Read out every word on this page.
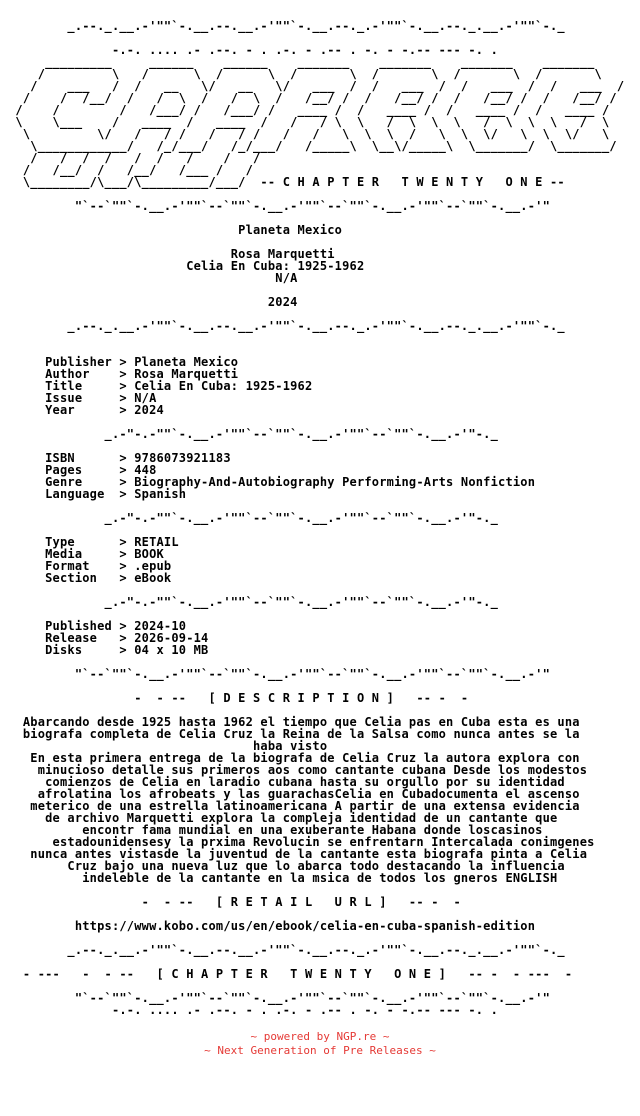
_.--._.__.-'""`-.__.--.__.-'""`-.__.--._.-'""`-.__.--._.__.-'""`-._

-.-. .... .- .--. - . .-. - .-- . -. - -.-- --- -. .
_________     ______    ______    _______    _______    _______    _______
/         \   /      \  /      \  /       \  /       \  /       \  /       \
/    ___   /  /   __   \/   __   \/   ___  /  /   ___  /  /   ___  /  /   ___  /
/    /  /__/  /   /  \  /   /  \  /   /__/ /  /   /__/ /  /   /__/ /  /   /__/ /
/    /        /   /___/ /   /___/ /   ____ /  /   ____ /  /   ____ /  /   ____ /
\    \___    /   ____  /   ____  /   /   / \  \   /  \  \  \   /  \  \  \   /  \
\         \/   /   / /   /   / /   /   /   \  \  \  /   \  \  \/   \  \  \/   \
\____________/   /_/___/   /_/___/   /_____\  \__\/_____\  \_______/  \_______/
/   /  /  /   /  /   /    /   /
/   /__/  /   /__/   /___ /   /
\________/\___/\_________/___/  -- C H A P T E R   T W E N T Y   O N E --

"`--`""`-.__.-'""`--`""`-.__.-'""`--`""`-.__.-'""`--`""`-.__.-'"

Planeta Mexico

Rosa Marquetti
Celia En Cuba: 1925-1962
N/A

2024

_.--._.__.-'""`-.__.--.__.-'""`-.__.--._.-'""`-.__.--._.__.-'""`-._

Publisher > Planeta Mexico
Author    > Rosa Marquetti
Title     > Celia En Cuba: 1925-1962
Issue     > N/A
Year      > 2024

_.-"-.-""`-.__.-'""`--`""`-.__.-'""`--`""`-.__.-'"-._

ISBN      > 9786073921183
Pages     > 448
Genre     > Biography-And-Autobiography Performing-Arts Nonfiction
Language  > Spanish

_.-"-.-""`-.__.-'""`--`""`-.__.-'""`--`""`-.__.-'"-._

Type      > RETAIL
Media     > BOOK
Format    > .epub
Section   > eBook

_.-"-.-""`-.__.-'""`--`""`-.__.-'""`--`""`-.__.-'"-._

Published > 2024-10
Release   > 2026-09-14
Disks     > 04 x 10 MB

"`--`""`-.__.-'""`--`""`-.__.-'""`--`""`-.__.-'""`--`""`-.__.-'"

-  - --   [ D E S C R I P T I O N ]   -- -  -

Abarcando desde 1925 hasta 1962 el tiempo que Celia pas en Cuba esta es una
biografa completa de Celia Cruz la Reina de la Salsa como nunca antes se la
haba visto
En esta primera entrega de la biografa de Celia Cruz la autora explora con
minucioso detalle sus primeros aos como cantante cubana Desde los modestos
comienzos de Celia en laradio cubana hasta su orgullo por su identidad
afrolatina los afrobeats y las guarachasCelia en Cubadocumenta el ascenso
meterico de una estrella latinoamericana A partir de una extensa evidencia
de archivo Marquetti explora la compleja identidad de un cantante que
encontr fama mundial en una exuberante Habana donde loscasinos
estadounidensesy la prxima Revolucin se enfrentarn Intercalada conimgenes
nunca antes vistasde la juventud de la cantante esta biografa pinta a Celia
Cruz bajo una nueva luz que lo abarca todo destacando la influencia
indeleble de la cantante en la msica de todos los gneros ENGLISH

-  - --   [ R E T A I L   U R L ]   -- -  -

https://www.kobo.com/us/en/ebook/celia-en-cuba-spanish-edition

_.--._.__.-'""`-.__.--.__.-'""`-.__.--._.-'""`-.__.--._.__.-'""`-._

- ---   -  - --   [ C H A P T E R   T W E N T Y   O N E ]   -- -  - ---  -

"`--`""`-.__.-'""`--`""`-.__.-'""`--`""`-.__.-'""`--`""`-.__.-'"
-.-. .... .- .--. - . .-. - .-- . -. - -.-- --- -. .

~ powered by NGP.re ~
~ Next Generation of Pre Releases ~
